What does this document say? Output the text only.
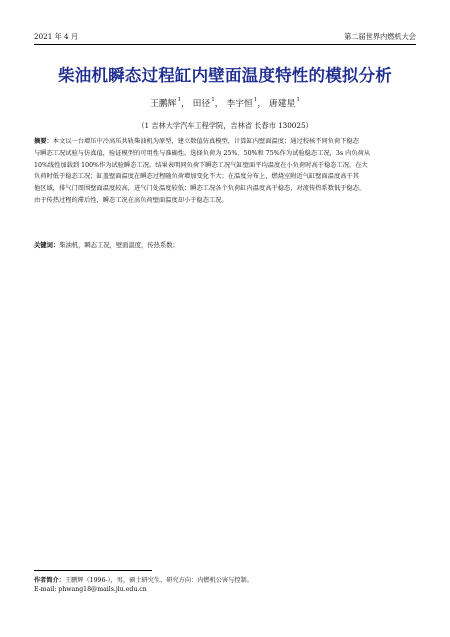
2021 年 4 月	第二届世界内燃机大会
柴油机瞬态过程缸内壁面温度特性的模拟分析
王鹏辉$^1$， 田径$^1$， 李宇恒$^1$， 唐建星$^1$
（1 吉林大学汽车工程学院，吉林省 长春市 130025）

摘要：本文以一台增压中冷高压共轨柴油机为原型，建立数值仿真模型，计算缸内壁面温度；通过校核不同负荷下稳态

与瞬态工况试验与仿真值，验证模型的可用性与准确性。选择负荷为 25%、50%和 75%作为试验稳态工况，3s 内负荷从

10%线性加载到 100%作为试验瞬态工况。结果表明同负荷下瞬态工况气缸壁面平均温度在小负荷时高于稳态工况，在大

负荷时低于稳态工况；缸盖壁面温度在瞬态过程随负荷增加变化不大；在温度分布上，燃烧室附近气缸壁面温度高于其

他区域，排气门周围壁面温度较高，进气门处温度较低；瞬态工况各个负荷缸内温度高于稳态，对流传热系数低于稳态，

由于传热过程的滞后性，瞬态工况在高负荷壁面温度却小于稳态工况。

关键词：柴油机，瞬态工况，壁面温度，传热系数；
作者简介：王鹏辉（1996-），男，硕士研究生，研究方向：内燃机公害与控制。
E-mail: phwang18@mails.jlu.edu.cn
